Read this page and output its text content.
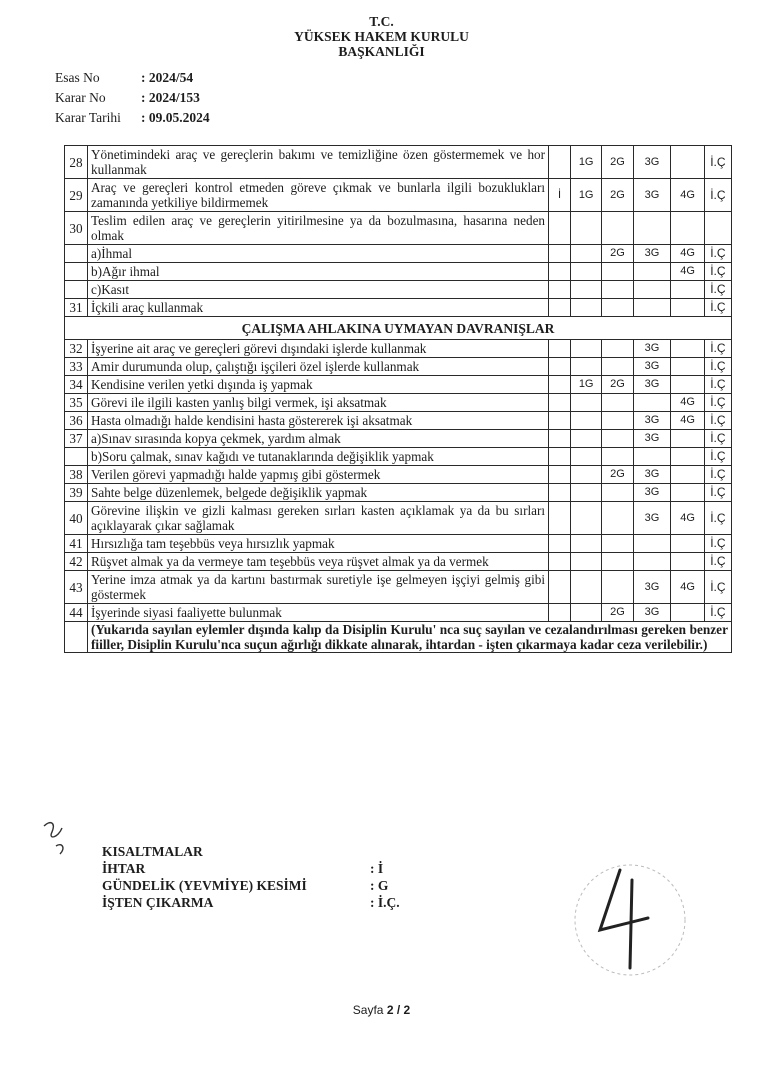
T.C.
YÜKSEK HAKEM KURULU
BAŞKANLIĞI
Esas No	: 2024/54
Karar No	: 2024/153
Karar Tarihi	: 09.05.2024
28	Yönetimindeki araç ve gereçlerin bakımı ve temizliğine özen göstermemek ve hor kullanmak		1G	2G	3G		İ.Ç
29	Araç ve gereçleri kontrol etmeden göreve çıkmak ve bunlarla ilgili bozuklukları zamanında yetkiliye bildirmemek	İ	1G	2G	3G	4G	İ.Ç
30	Teslim edilen araç ve gereçlerin yitirilmesine ya da bozulmasına, hasarına neden olmak						
	a)İhmal			2G	3G	4G	İ.Ç
	b)Ağır ihmal					4G	İ.Ç
	c)Kasıt						İ.Ç
31	İçkili araç kullanmak						İ.Ç
ÇALIŞMA AHLAKINA UYMAYAN DAVRANIŞLAR							
32	İşyerine ait araç ve gereçleri görevi dışındaki işlerde kullanmak				3G		İ.Ç
33	Amir durumunda olup, çalıştığı işçileri özel işlerde kullanmak				3G		İ.Ç
34	Kendisine verilen yetki dışında iş yapmak		1G	2G	3G		İ.Ç
35	Görevi ile ilgili kasten yanlış bilgi vermek, işi aksatmak					4G	İ.Ç
36	Hasta olmadığı halde kendisini hasta göstererek işi aksatmak				3G	4G	İ.Ç
37	a)Sınav sırasında kopya çekmek, yardım almak				3G		İ.Ç
	b)Soru çalmak, sınav kağıdı ve tutanaklarında değişiklik yapmak						İ.Ç
38	Verilen görevi yapmadığı halde yapmış gibi göstermek			2G	3G		İ.Ç
39	Sahte belge düzenlemek, belgede değişiklik yapmak				3G		İ.Ç
40	Görevine ilişkin ve gizli kalması gereken sırları kasten açıklamak ya da bu sırları açıklayarak çıkar sağlamak				3G	4G	İ.Ç
41	Hırsızlığa tam teşebbüs veya hırsızlık yapmak						İ.Ç
42	Rüşvet almak ya da vermeye tam teşebbüs veya rüşvet almak ya da vermek						İ.Ç
43	Yerine imza atmak ya da kartını bastırmak suretiyle işe gelmeyen işçiyi gelmiş gibi göstermek				3G	4G	İ.Ç
44	İşyerinde siyasi faaliyette bulunmak			2G	3G		İ.Ç
	(Yukarıda sayılan eylemler dışında kalıp da Disiplin Kurulu' nca suç sayılan ve cezalandırılması gereken benzer fiiller, Disiplin Kurulu'nca suçun ağırlığı dikkate alınarak, ihtardan - işten çıkarmaya kadar ceza verilebilir.)						
KISALTMALAR
İHTAR	: İ
GÜNDELİK (YEVMİYE) KESİMİ	: G
İŞTEN ÇIKARMA	: İ.Ç.
Sayfa 2 / 2
